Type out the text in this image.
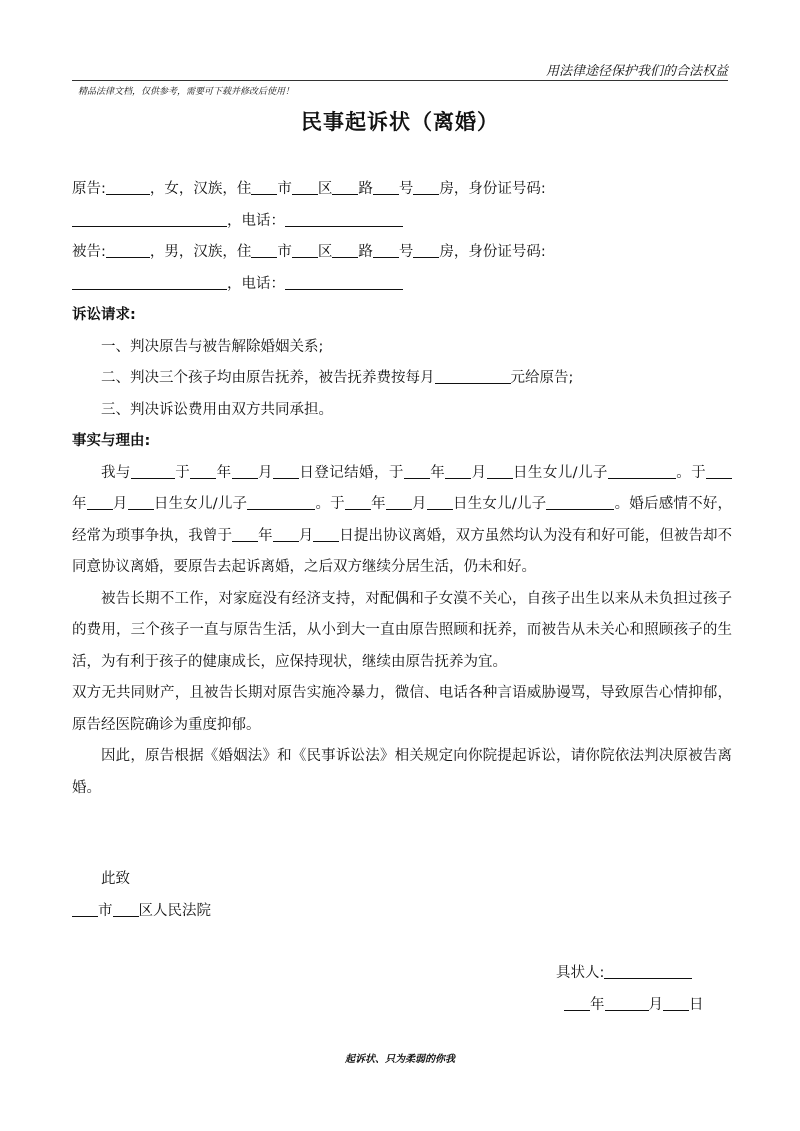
用法律途径保护我们的合法权益
精品法律文档，仅供参考，需要可下载并修改后使用！
民事起诉状（离婚）
原告:	，女，汉族，住 市 区 路 号 房，身份证号码:
，电话：
被告:	，男，汉族，住 市 区 路 号 房，身份证号码:
，电话：
诉讼请求:
一、判决原告与被告解除婚姻关系;
二、判决三个孩子均由原告抚养，被告抚养费按每月	元给原告;
三、判决诉讼费用由双方共同承担。
事实与理由:
我与	于 年 月 日登记结婚，于 年 月 日生女儿/儿子	。于年 月 日生女儿/儿子	。于 年 月 日生女儿/儿子	。婚后感情不好，经常为琐事争执，我曾于 年 月 日提出协议离婚，双方虽然均认为没有和好可能，但被告却不同意协议离婚，要原告去起诉离婚，之后双方继续分居生活，仍未和好。
被告长期不工作，对家庭没有经济支持，对配偶和子女漠不关心，自孩子出生以来从未负担过孩子的费用，三个孩子一直与原告生活，从小到大一直由原告照顾和抚养，而被告从未关心和照顾孩子的生活，为有利于孩子的健康成长，应保持现状，继续由原告抚养为宜。
双方无共同财产，且被告长期对原告实施冷暴力，微信、电话各种言语威胁谩骂，导致原告心情抑郁，原告经医院确诊为重度抑郁。
因此，原告根据《婚姻法》和《民事诉讼法》相关规定向你院提起诉讼，请你院依法判决原被告离婚。
此致
市 区人民法院
具状人:
年	月 日
起诉状、只为柔弱的你我
